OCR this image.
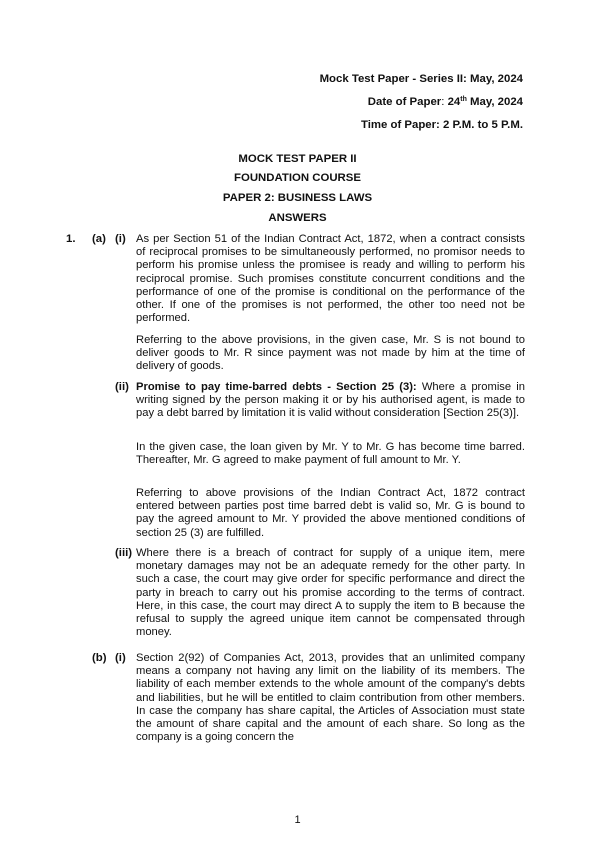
Mock Test Paper - Series II: May, 2024
Date of Paper: 24th May, 2024
Time of Paper: 2 P.M. to 5 P.M.
MOCK TEST PAPER II
FOUNDATION COURSE
PAPER 2: BUSINESS LAWS
ANSWERS
1. (a) (i)
(ii)
(iii)
(b) (i)

As per Section 51 of the Indian Contract Act, 1872, when a contract consists of reciprocal promises to be simultaneously performed, no promisor needs to perform his promise unless the promisee is ready and willing to perform his reciprocal promise. Such promises constitute concurrent conditions and the performance of one of the promise is conditional on the performance of the other. If one of the promises is not performed, the other too need not be performed.

Referring to the above provisions, in the given case, Mr. S is not bound to deliver goods to Mr. R since payment was not made by him at the time of delivery of goods.

Promise to pay time-barred debts - Section 25 (3): Where a promise in writing signed by the person making it or by his authorised agent, is made to pay a debt barred by limitation it is valid without consideration [Section 25(3)].

In the given case, the loan given by Mr. Y to Mr. G has become time barred. Thereafter, Mr. G agreed to make payment of full amount to Mr. Y.

Referring to above provisions of the Indian Contract Act, 1872 contract entered between parties post time barred debt is valid so, Mr. G is bound to pay the agreed amount to Mr. Y provided the above mentioned conditions of section 25 (3) are fulfilled.

Where there is a breach of contract for supply of a unique item, mere monetary damages may not be an adequate remedy for the other party. In such a case, the court may give order for specific performance and direct the party in breach to carry out his promise according to the terms of contract. Here, in this case, the court may direct A to supply the item to B because the refusal to supply the agreed unique item cannot be compensated through money.

Section 2(92) of Companies Act, 2013, provides that an unlimited company means a company not having any limit on the liability of its members. The liability of each member extends to the whole amount of the company's debts and liabilities, but he will be entitled to claim contribution from other members. In case the company has share capital, the Articles of Association must state the amount of share capital and the amount of each share. So long as the company is a going concern the

1
